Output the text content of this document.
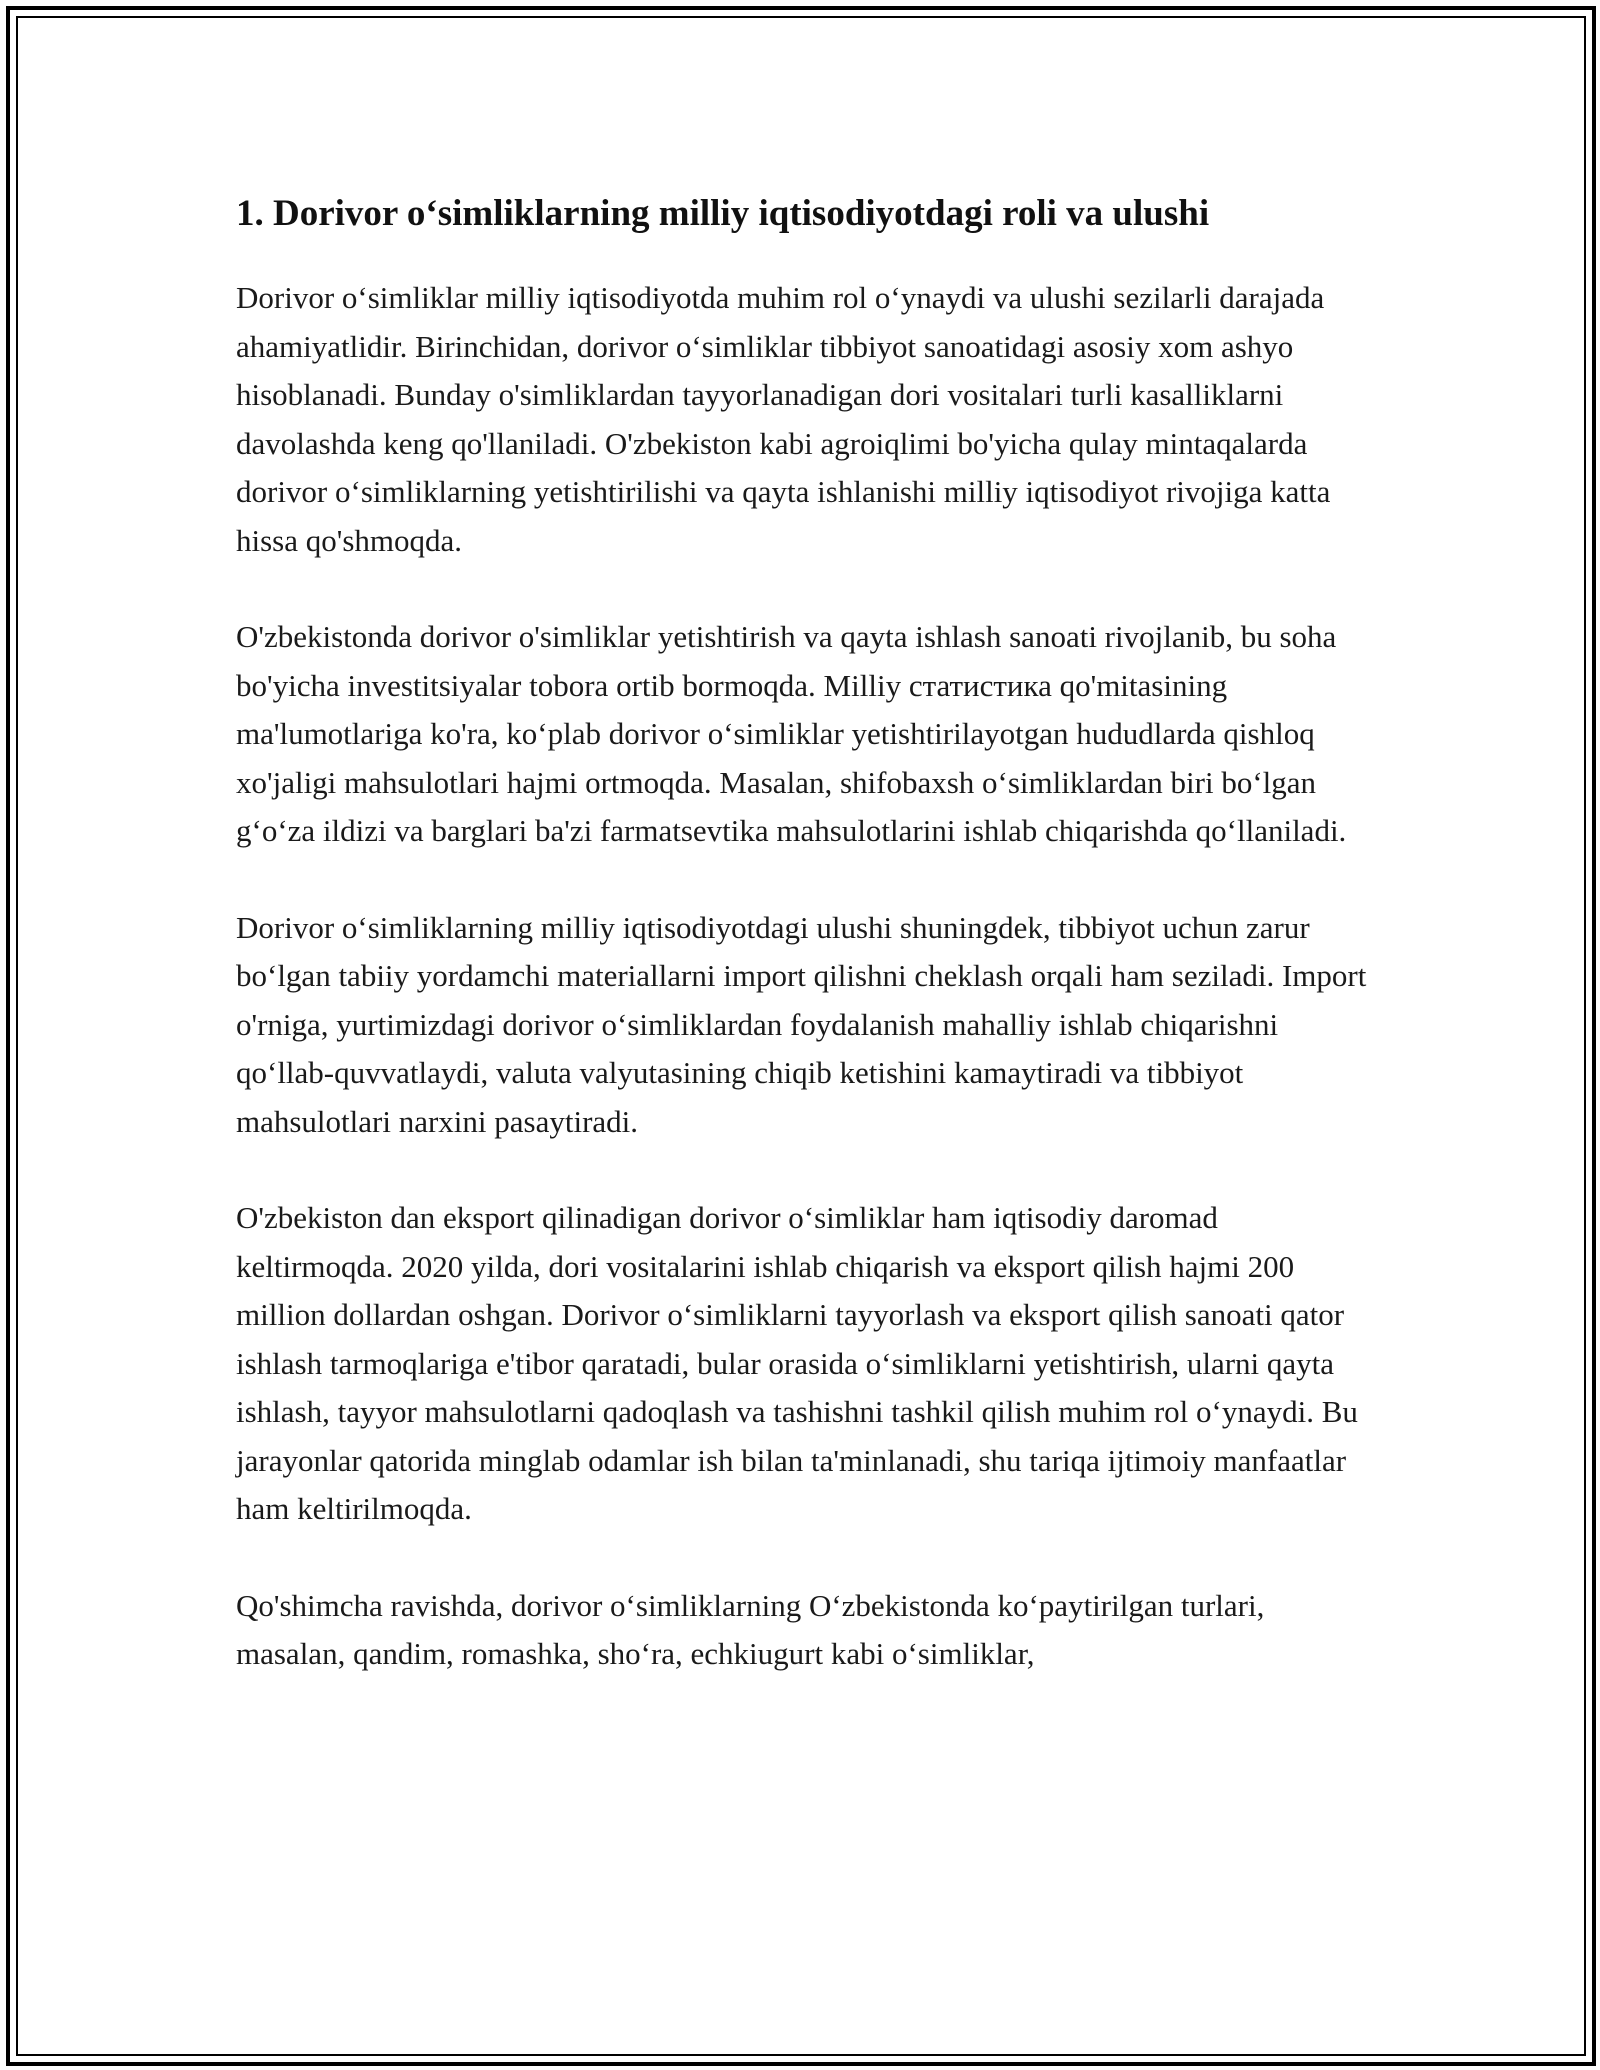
1. Dorivor o‘simliklarning milliy iqtisodiyotdagi roli va ulushi

Dorivor o‘simliklar milliy iqtisodiyotda muhim rol o‘ynaydi va ulushi sezilarli darajada ahamiyatlidir. Birinchidan, dorivor o‘simliklar tibbiyot sanoatidagi asosiy xom ashyo hisoblanadi. Bunday o'simliklardan tayyorlanadigan dori vositalari turli kasalliklarni davolashda keng qo'llaniladi. O'zbekiston kabi agroiqlimi bo'yicha qulay mintaqalarda dorivor o‘simliklarning yetishtirilishi va qayta ishlanishi milliy iqtisodiyot rivojiga katta hissa qo'shmoqda.

O'zbekistonda dorivor o'simliklar yetishtirish va qayta ishlash sanoati rivojlanib, bu soha bo'yicha investitsiyalar tobora ortib bormoqda. Milliy статистика qo'mitasining ma'lumotlariga ko'ra, ko‘plab dorivor o‘simliklar yetishtirilayotgan hududlarda qishloq xo'jaligi mahsulotlari hajmi ortmoqda. Masalan, shifobaxsh o‘simliklardan biri bo‘lgan g‘o‘za ildizi va barglari ba'zi farmatsevtika mahsulotlarini ishlab chiqarishda qo‘llaniladi.

Dorivor o‘simliklarning milliy iqtisodiyotdagi ulushi shuningdek, tibbiyot uchun zarur bo‘lgan tabiiy yordamchi materiallarni import qilishni cheklash orqali ham seziladi. Import o'rniga, yurtimizdagi dorivor o‘simliklardan foydalanish mahalliy ishlab chiqarishni qo‘llab-quvvatlaydi, valuta valyutasining chiqib ketishini kamaytiradi va tibbiyot mahsulotlari narxini pasaytiradi.

O'zbekiston dan eksport qilinadigan dorivor o‘simliklar ham iqtisodiy daromad keltirmoqda. 2020 yilda, dori vositalarini ishlab chiqarish va eksport qilish hajmi 200 million dollardan oshgan. Dorivor o‘simliklarni tayyorlash va eksport qilish sanoati qator ishlash tarmoqlariga e'tibor qaratadi, bular orasida o‘simliklarni yetishtirish, ularni qayta ishlash, tayyor mahsulotlarni qadoqlash va tashishni tashkil qilish muhim rol o‘ynaydi. Bu jarayonlar qatorida minglab odamlar ish bilan ta'minlanadi, shu tariqa ijtimoiy manfaatlar ham keltirilmoqda.

Qo'shimcha ravishda, dorivor o‘simliklarning O‘zbekistonda ko‘paytirilgan turlari, masalan, qandim, romashka, sho‘ra, echkiugurt kabi o‘simliklar,
